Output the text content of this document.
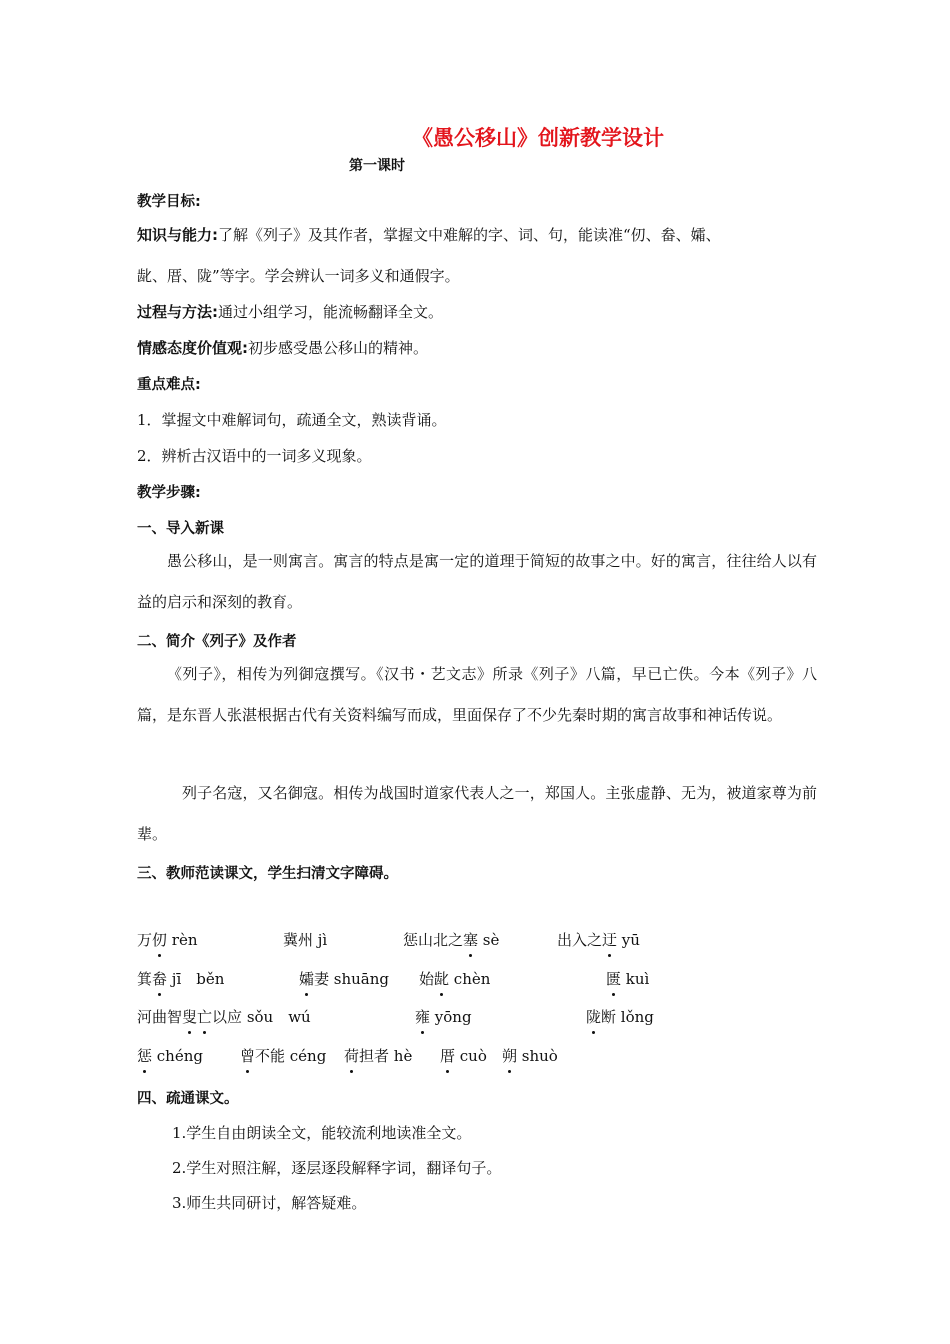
《愚公移山》创新教学设计
第一课时
教学目标:
知识与能力:了解《列子》及其作者，掌握文中难解的字、词、句，能读准“仞、畚、孀、
龀、厝、陇”等字。学会辨认一词多义和通假字。
过程与方法:通过小组学习，能流畅翻译全文。
情感态度价值观:初步感受愚公移山的精神。
重点难点:
1．掌握文中难解词句，疏通全文，熟读背诵。
2．辨析古汉语中的一词多义现象。
教学步骤:
一、导入新课
愚公移山，是一则寓言。寓言的特点是寓一定的道理于简短的故事之中。好的寓言，往往给人以有益的启示和深刻的教育。
二、简介《列子》及作者
《列子》，相传为列御寇撰写。《汉书・艺文志》所录《列子》八篇，早已亡佚。今本《列子》八篇，是东晋人张湛根据古代有关资料编写而成，里面保存了不少先秦时期的寓言故事和神话传说。
列子名寇，又名御寇。相传为战国时道家代表人之一，郑国人。主张虚静、无为，被道家尊为前辈。
三、教师范读课文，学生扫清文字障碍。
万仞 rèn	冀州 jì	惩山北之塞 sè	出入之迂 yū
箕畚 jī　běn	孀妻 shuāng 始龀 chèn	匮 kuì
河曲智叟亡以应 sǒu　wú	雍 yōng	陇断 lǒng
惩 chéng 曾不能 céng 荷担者 hè 厝 cuò 朔 shuò
四、疏通课文。
1.学生自由朗读全文，能较流利地读准全文。
2.学生对照注解，逐层逐段解释字词，翻译句子。
3.师生共同研讨，解答疑难。
